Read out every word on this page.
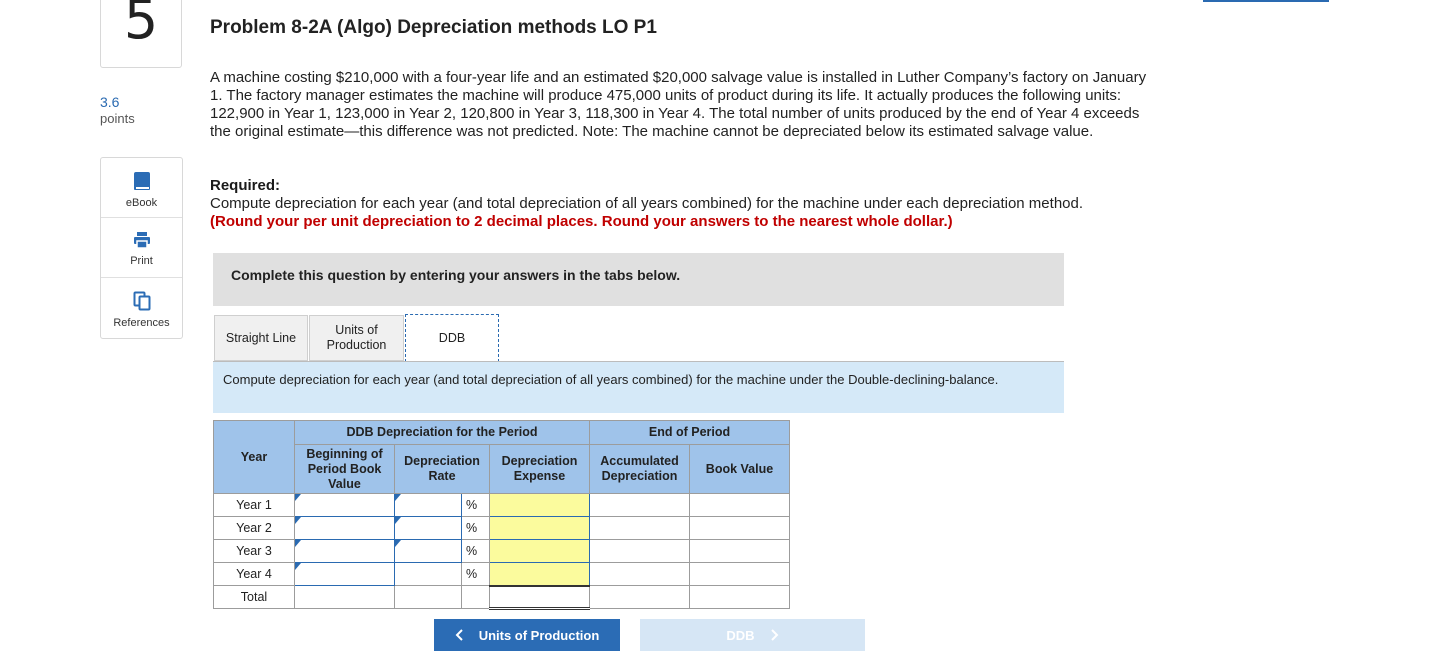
5
3.6
points
eBook
Print
References
Problem 8-2A (Algo) Depreciation methods LO P1
A machine costing $210,000 with a four-year life and an estimated $20,000 salvage value is installed in Luther Company’s factory on January 1. The factory manager estimates the machine will produce 475,000 units of product during its life. It actually produces the following units: 122,900 in Year 1, 123,000 in Year 2, 120,800 in Year 3, 118,300 in Year 4. The total number of units produced by the end of Year 4 exceeds the original estimate—this difference was not predicted. Note: The machine cannot be depreciated below its estimated salvage value.
Required:
Compute depreciation for each year (and total depreciation of all years combined) for the machine under each depreciation method.
(Round your per unit depreciation to 2 decimal places. Round your answers to the nearest whole dollar.)
Complete this question by entering your answers in the tabs below.
Straight Line
Units of
Production
DDB
Compute depreciation for each year (and total depreciation of all years combined) for the machine under the Double-declining-balance.
Year	DDB Depreciation for the Period				End of Period	
	Beginning of Period Book Value	Depreciation Rate		Depreciation Expense	Accumulated Depreciation	Book Value
Year 1			%			
Year 2			%			
Year 3			%			
Year 4			%			
Total						
Units of Production	DDB
